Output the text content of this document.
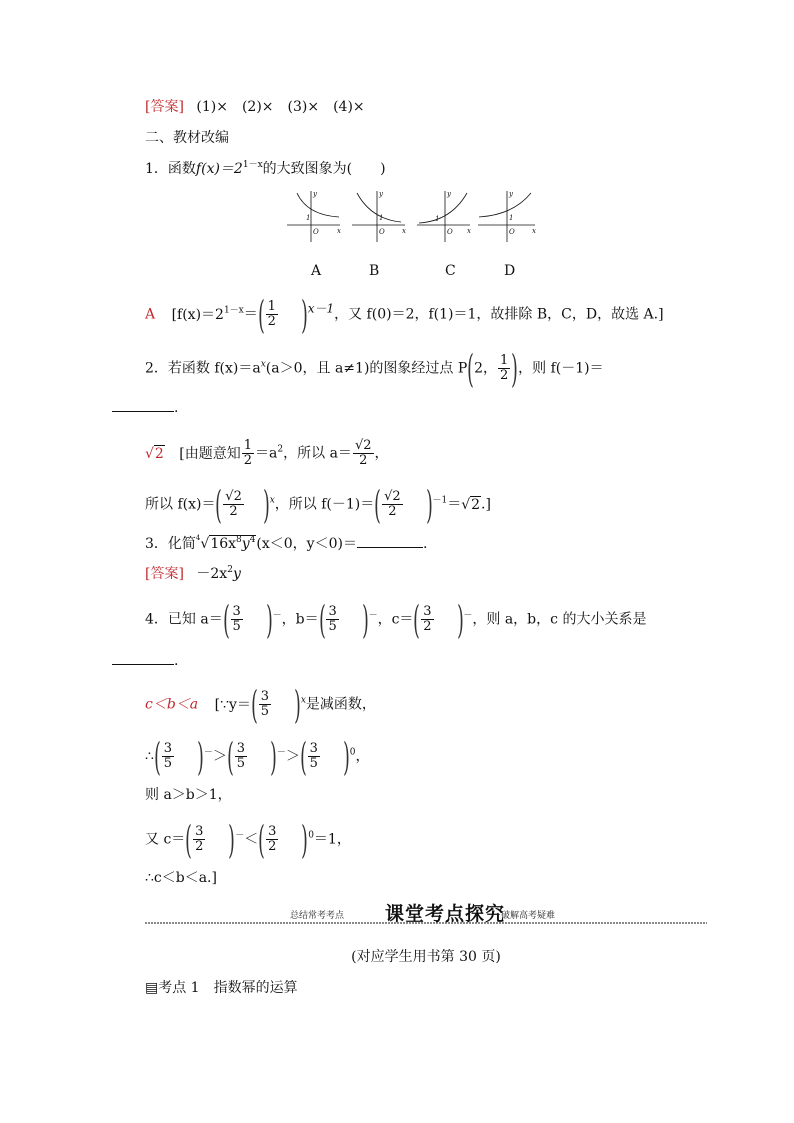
[答案] (1)×　(2)×　(3)×　(4)×
二、教材改编
1．函数$f(x)=2^{1-x}$的大致图象为(　　)
y
x
O
1
y
x
O
1
y
x
O
1
y
x
O
1
A	B	C	D
A [$f(x)=2^{1-x}=( \frac{1}{2} )^{x-1}$，又 f(0)＝2，f(1)＝1，故排除 B，C，D，故选 A.]
2．若函数 $f(x)=a^x(a>0$，且 a≠1)的图象经过点 P(2， $\frac{1}{2}$ )，则 f(－1)＝
.
√2 [由题意知 $\frac{1}{2} =a^2$，所以 $a= \frac{√2}{2}$ ，
所以 $f(x)=( \frac{√2}{2} )^x$，所以 $f(-1)=( \frac{√2}{2} )^{-1}=√2$.]
3．化简$^4√16x^8y^4(x<0$，y＜0)＝	.
[答案] $-2x^2y$
4．已知 $a=( \frac{3}{5} )^-$，$b=( \frac{3}{5} )^-$，$c=( \frac{3}{2} )^-$，则 a，b，c 的大小关系是
.
c＜b＜a [∵y＝( $\frac{3}{5} )^x$是减函数，
∴( $\frac{3}{5} )^->( \frac{3}{5} )^->( \frac{3}{5} )^0$，
则 a＞b＞1，
又 $c=( \frac{3}{2} )^-<( \frac{3}{2} )^0=1$，
∴c＜b＜a.]
总结常考考点 课堂考点探究
破解高考疑难
(对应学生用书第 30 页)
▤考点 1　指数幂的运算
